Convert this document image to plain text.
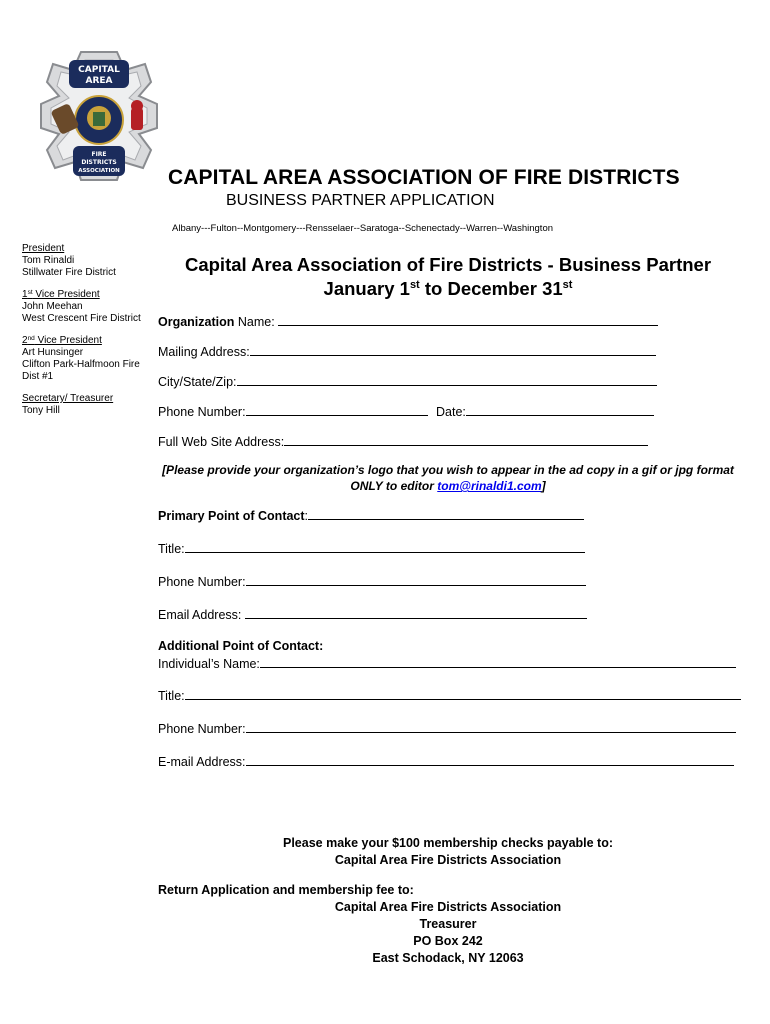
CAPITAL
AREA
FIRE
DISTRICTS
ASSOCIATION CAPITAL AREA ASSOCIATION OF FIRE DISTRICTS
BUSINESS PARTNER APPLICATION
Albany---Fulton--Montgomery---Rensselaer--Saratoga--Schenectady--Warren--Washington
President
Tom Rinaldi
Stillwater Fire District
1st Vice President
John Meehan
West Crescent Fire District
2nd Vice President
Art Hunsinger
Clifton Park-Halfmoon Fire Dist #1
Secretary/ Treasurer
Tony Hill
Capital Area Association of Fire Districts - Business Partner
January 1st to December 31st
Organization Name:
Mailing Address:
City/State/Zip:
Phone Number:	Date:
Full Web Site Address:
[Please provide your organization’s logo that you wish to appear in the ad copy in a gif or jpg format ONLY to editor tom@rinaldi1.com]
Primary Point of Contact:
Title:
Phone Number:
Email Address:
Additional Point of Contact:
Individual’s Name:
Title:
Phone Number:
E-mail Address:
Please make your $100 membership checks payable to:
Capital Area Fire Districts Association
Return Application and membership fee to:
Capital Area Fire Districts Association
Treasurer
PO Box 242
East Schodack, NY 12063
